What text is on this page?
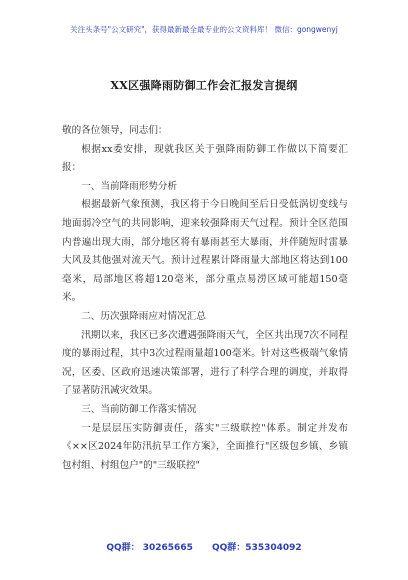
关注头条号"公文研究"，获得最新最全最专业的公文资料库！ 微信：gongwenyj
XX区强降雨防御工作会汇报发言提纲

敬的各位领导，同志们：

根据xx委安排，现就我区关于强降雨防御工作做以下简要汇报：

一、当前降雨形势分析

根据最新气象预测，我区将于今日晚间至后日受低涡切变线与地面弱冷空气的共同影响，迎来较强降雨天气过程。预计全区范围内普遍出现大雨，部分地区将有暴雨甚至大暴雨，并伴随短时雷暴大风及其他强对流天气。预计过程累计降雨量大部地区将达到100毫米，局部地区将超120毫米，部分重点易涝区域可能超150毫米。

二、历次强降雨应对情况汇总

汛期以来，我区已多次遭遇强降雨天气，全区共出现7次不同程度的暴雨过程，其中3次过程雨量超100毫米。针对这些极端气象情况，区委、区政府迅速决策部署，进行了科学合理的调度，并取得了显著防汛减灾效果。

三、当前防御工作落实情况

一是层层压实防御责任，落实"三级联控"体系。制定并发布《××区2024年防汛抗旱工作方案》，全面推行"区级包乡镇、乡镇包村组、村组包户"的"三级联控"

QQ群： 30265665 QQ群：535304092
